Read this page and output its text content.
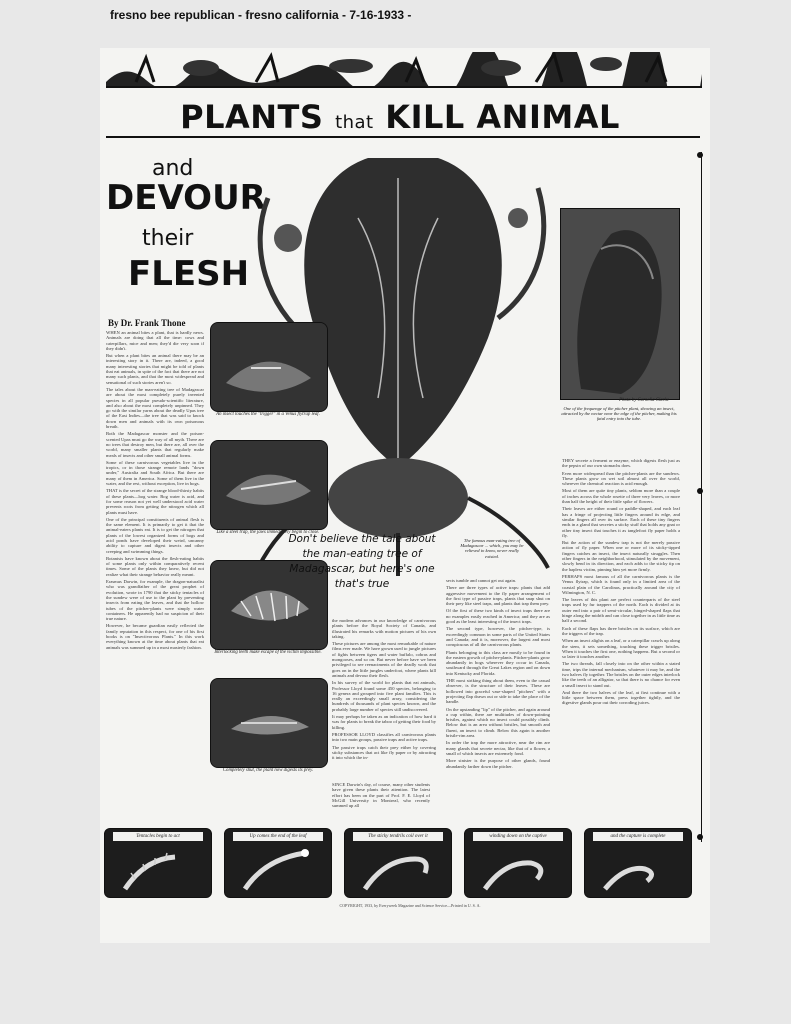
fresno bee republican - fresno california - 7-16-1933 -
PLANTS that KILL ANIMAL
and
DEVOUR
their
FLESH
Photo by Cornelia Clarke
One of the frequenge of the pitcher plant, showing an insect, attracted by the nectar near the edge of the pitcher, making his fatal entry into the tube.
By Dr. Frank Thone

WHEN an animal bites a plant, that is hardly news. Animals are doing that all the time: cows and caterpillars, mice and men; they'd die very soon if they didn't.

But when a plant bites an animal there may be an interesting story in it. There are, indeed, a good many interesting stories that might be told of plants that eat animals, in spite of the fact that there are not many such plants, and that the most widespread and sensational of such stories aren't so.

The tales about the man-eating tree of Madagascar are about the most completely purely invented species in all popular pseudo-scientific literature, and also about the most completely unpinned. They go with the similar yarns about the deadly Upas tree of the East Indies—the tree that was said to knock down men and animals with its own poisonous breath.

Both the Madagascar monster and the poison-scented Upas must go the way of all myth. There are no trees that destroy men, but there are, all over the world, many smaller plants that regularly make meals of insects and other small animal forms.

Some of these carnivorous vegetables live in the tropics, or in those strange remote lands "down under," Australia and South Africa. But there are many of them in America. Some of them live in the water, and the rest, without exception, live in bogs.

THAT is the secret of the strange blood-thirsty habits of these plants—bog water. Bog water is acid, and for some reason not yet well understood acid water prevents roots from getting the nitrogen which all plants must have.

One of the principal constituents of animal flesh is the same element. It is primarily to get it that the animal-eaters plants eat. It is to get the nitrogen that plants of the lowest organized forms of bogs and acid ponds have developed their weird, uncanny ability to capture and digest insects and other creeping and swimming things.

Botanists have known about the flesh-eating habits of some plants only within comparatively recent times. Some of the plants they knew, but did not realize what their strange behavior really meant.

Erasmus Darwin, for example, the dragon-naturalist who was grandfather of the great prophet of evolution, wrote in 1790 that the sticky tentacles of the sundew were of use to the plant by preventing insects from eating the leaves, and that the hollow tubes of the pitcher-plants were simply water containers. He apparently had no suspicion of their true nature.

However, he became guardian easily reflected the family reputation in this respect, for one of his first books is on "Insectivorous Plants." In this work everything known at the time about plants that eat animals was summed up in a most masterly fashion.

An insect touches the "trigger" in a Venus flytrap leaf.
Like a steel trap, the jaws immediately begin to close.
Interlocking teeth make escape of the victim impossible.
Completely shut, the plant now digests its prey.

SINCE Darwin's day, of course, many other students have given these plants their attention. The latest effort has been on the part of Prof. F. E. Lloyd of McGill University in Montreal, who recently summed up all

Don't believe the tale about the man-eating tree of Madagascar, but here's one that's true
The famous man-eating tree of Madagascar ... which, you may be relieved to know, never really existed.

the modern advances in our knowledge of carnivorous plants before the Royal Society of Canada, and illustrated his remarks with motion pictures of his own taking.

These pictures are among the most remarkable of nature films ever made. We have grown used to jungle pictures of fights between tigers and water buffalo, cobras and mongooses, and so on. But never before have we been privileged to see reenactments of the deadly work that goes on in the little jungles underfoot, where plants kill animals and devour their flesh.

In his survey of the world for plants that eat animals, Professor Lloyd found some 450 species, belonging to 16 genera and grouped into five plant families. This is really an exceedingly small array, considering the hundreds of thousands of plant species known, and the probably large number of species still undiscovered.

It may perhaps be taken as an indication of how hard it was for plants to break the taboo of getting their food by killing.

PROFESSOR LLOYD classifies all carnivorous plants into two main groups, passive traps and active traps.

The passive traps catch their prey either by covering sticky substances that act like fly paper or by attracting it into which the in-

sects tumble and cannot get out again.

There are three types of active traps: plants that add aggressive movement to the fly paper arrangement of the first type of passive traps, plants that snap shut on their prey like steel traps, and plants that trap them prey.

Of the first of these two kinds of insect traps there are no examples easily reached in America; and they are as good as the least interesting of the insect traps.

The second type, however, the pitcher-type, is exceedingly common in some parts of the United States and Canada; and it is, moreover, the largest and most conspicuous of all the carnivorous plants.

Plants belonging to this class are mostly to be found in the eastern growth of pitcher-plants. Pitcher-plants grow abundantly in bogs wherever they occur in Canada, southward through the Great Lakes region and on down into Kentucky and Florida.

THE most striking thing about them, even to the casual observer, is the structure of their leaves. These are hollowed into graceful vase-shaped "pitchers" with a projecting flap drawn out or side to take the place of the handle.

On the upstanding "lip" of the pitcher, and again around a cup within, there are multitudes of down-pointing bristles, against which no insect could possibly climb. Below that is an area without bristles, but smooth and fluent, an insect to climb. Below this again is another bristle-rim area.

In order the trap the more attractive, near the rim are many glands that secrete nectar, like that of a flower, a small of which insects are extremely fond.

More sinister is the purpose of other glands, found abundantly farther down the pitcher.

THEY secrete a ferment or enzyme, which digests flesh just as the pepsin of our own stomachs does.

Even more widespread than the pitcher-plants are the sundews. These plants grow on wet soil almost all over the world, wherever the chemical reaction is acid enough.

Most of them are quite tiny plants, seldom more than a couple of inches across the whole rosette of three very leaves, or more than half the height of their little spike of flowers.

Their leaves are either round or paddle-shaped, and each leaf has a fringe of projecting little fingers around its edge, and similar fingers all over its surface. Each of these tiny fingers ends in a gland that secretes a sticky stuff that holds any gnat or other tiny insect that touches it as tanglefoot fly paper holds a fly.

But the action of the sundew trap is not the merely passive action of fly paper. When one or more of its sticky-tipped fingers catches an insect, the insect naturally struggles. Then other fingers in the neighborhood, stimulated by the movement, slowly bend in its direction, and each adds to the sticky tip on the hapless victim, pinning him yet more firmly.

PERHAPS most famous of all the carnivorous plants is the Venus flytrap, which is found only in a limited area of the coastal plain of the Carolinas, practically around the city of Wilmington, N. C.

The leaves of this plant are perfect counterparts of the steel traps used by fur trappers of the north. Each is divided at its outer end into a pair of semi-circular, hinged-shaped flaps that hinge along the midrib and can close together in as little time as half a second.

Each of these flaps has three bristles on its surface, which are the triggers of the trap.

When an insect alights on a leaf, or a caterpillar crawls up along the stem, it sets something, touching these trigger bristles. When it touches the first one, nothing happens. But a second or so later it touches another.

The two threads, fall closely into on the other within a stated time, trips the internal mechanism, whatever it may be, and the two halves fly together. The bristles on the outer edges interlock like the teeth of an alligator, so that there is no chance for even a small insect to stand out.

And there the two halves of the leaf, at first continue with a little space between them, press together tightly, and the digestive glands pour out their corroding juices.

Tentacles begin to act	Up comes the end of the leaf	The sticky tendrils coil over it	winding down on the captive	and the capture is complete
COPYRIGHT, 1933, by Everyweek Magazine and Science Service—Printed in U. S. A.
